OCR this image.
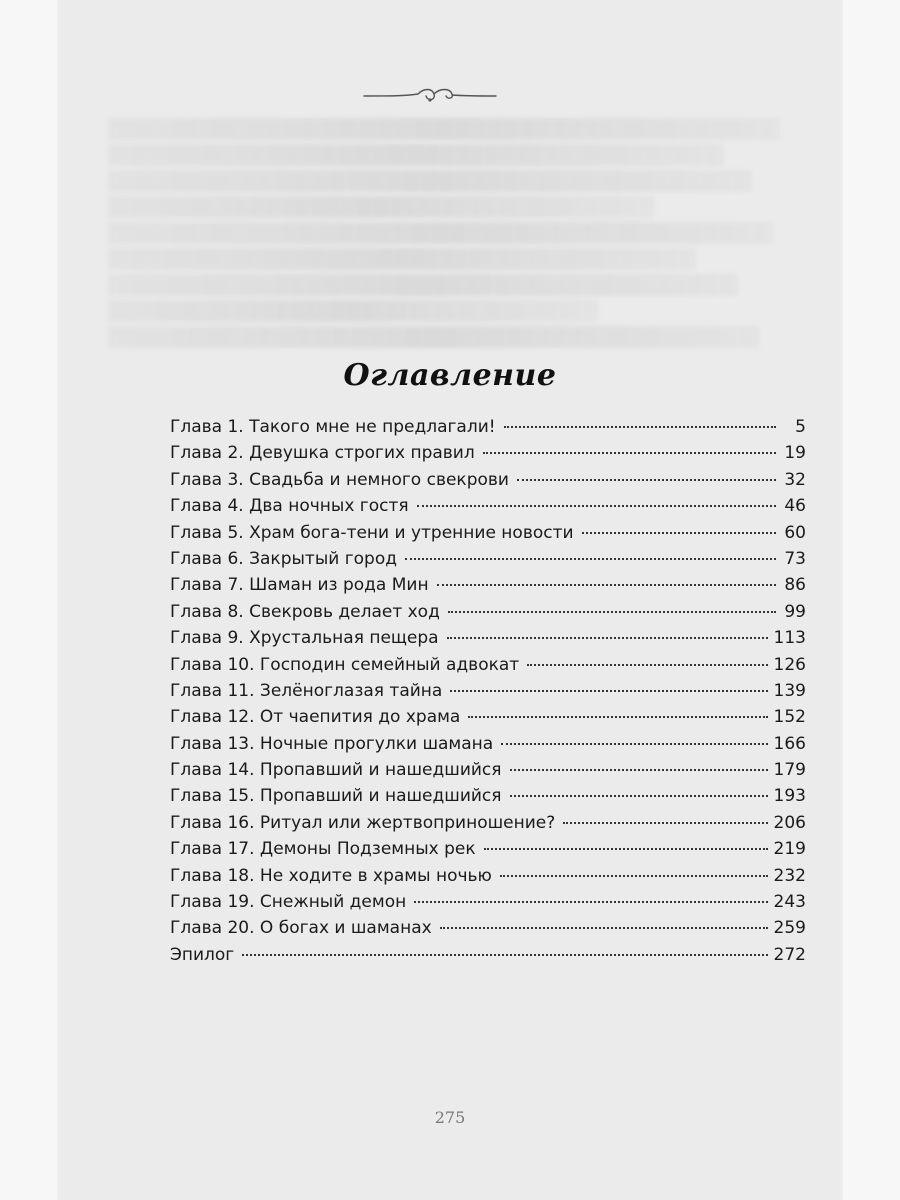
Оглавление
Глава 1. Такого мне не предлагали!	5
Глава 2. Девушка строгих правил	19
Глава 3. Свадьба и немного свекрови	32
Глава 4. Два ночных гостя	46
Глава 5. Храм бога-тени и утренние новости	60
Глава 6. Закрытый город	73
Глава 7. Шаман из рода Мин	86
Глава 8. Свекровь делает ход	99
Глава 9. Хрустальная пещера	113
Глава 10. Господин семейный адвокат	126
Глава 11. Зелёноглазая тайна	139
Глава 12. От чаепития до храма	152
Глава 13. Ночные прогулки шамана	166
Глава 14. Пропавший и нашедшийся	179
Глава 15. Пропавший и нашедшийся	193
Глава 16. Ритуал или жертвоприношение?	206
Глава 17. Демоны Подземных рек	219
Глава 18. Не ходите в храмы ночью	232
Глава 19. Снежный демон	243
Глава 20. О богах и шаманах	259
Эпилог	272
275
